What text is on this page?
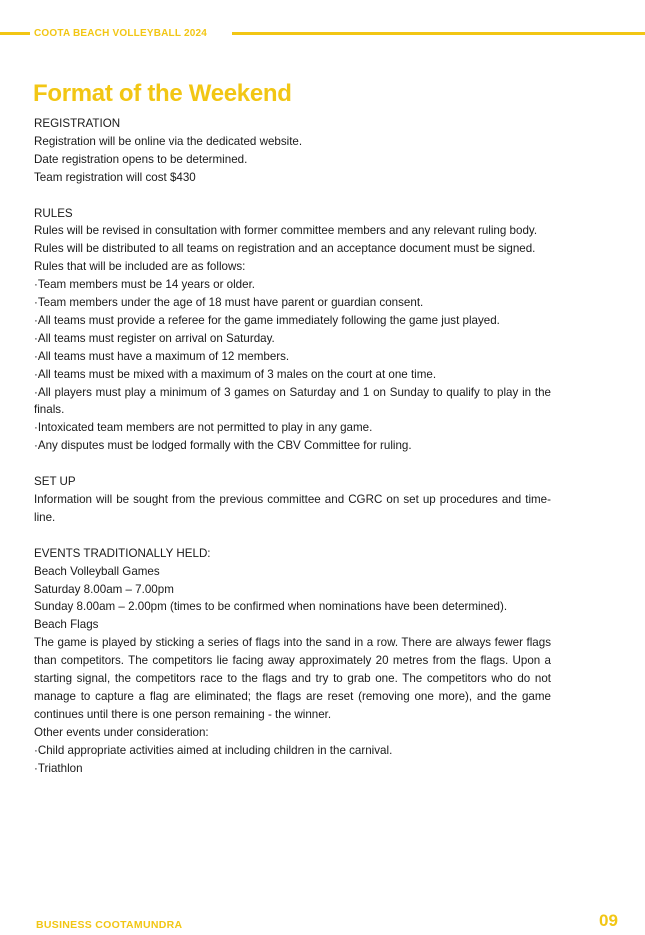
COOTA BEACH VOLLEYBALL 2024
Format of the Weekend
REGISTRATION
Registration will be online via the dedicated website.
Date registration opens to be determined.
Team registration will cost $430
RULES
Rules will be revised in consultation with former committee members and any relevant ruling body.
Rules will be distributed to all teams on registration and an acceptance document must be signed.
Rules that will be included are as follows:
·Team members must be 14 years or older.
·Team members under the age of 18 must have parent or guardian consent.
·All teams must provide a referee for the game immediately following the game just played.
·All teams must register on arrival on Saturday.
·All teams must have a maximum of 12 members.
·All teams must be mixed with a maximum of 3 males on the court at one time.
·All players must play a minimum of 3 games on Saturday and 1 on Sunday to qualify to play in the finals.
·Intoxicated team members are not permitted to play in any game.
·Any disputes must be lodged formally with the CBV Committee for ruling.
SET UP
Information will be sought from the previous committee and CGRC on set up procedures and time-line.
EVENTS TRADITIONALLY HELD:
Beach Volleyball Games
Saturday 8.00am – 7.00pm
Sunday 8.00am – 2.00pm (times to be confirmed when nominations have been determined).
Beach Flags
The game is played by sticking a series of flags into the sand in a row. There are always fewer flags than competitors. The competitors lie facing away approximately 20 metres from the flags. Upon a starting signal, the competitors race to the flags and try to grab one. The competitors who do not manage to capture a flag are eliminated; the flags are reset (removing one more), and the game continues until there is one person remaining - the winner.
Other events under consideration:
·Child appropriate activities aimed at including children in the carnival.
·Triathlon
BUSINESS COOTAMUNDRA	09
